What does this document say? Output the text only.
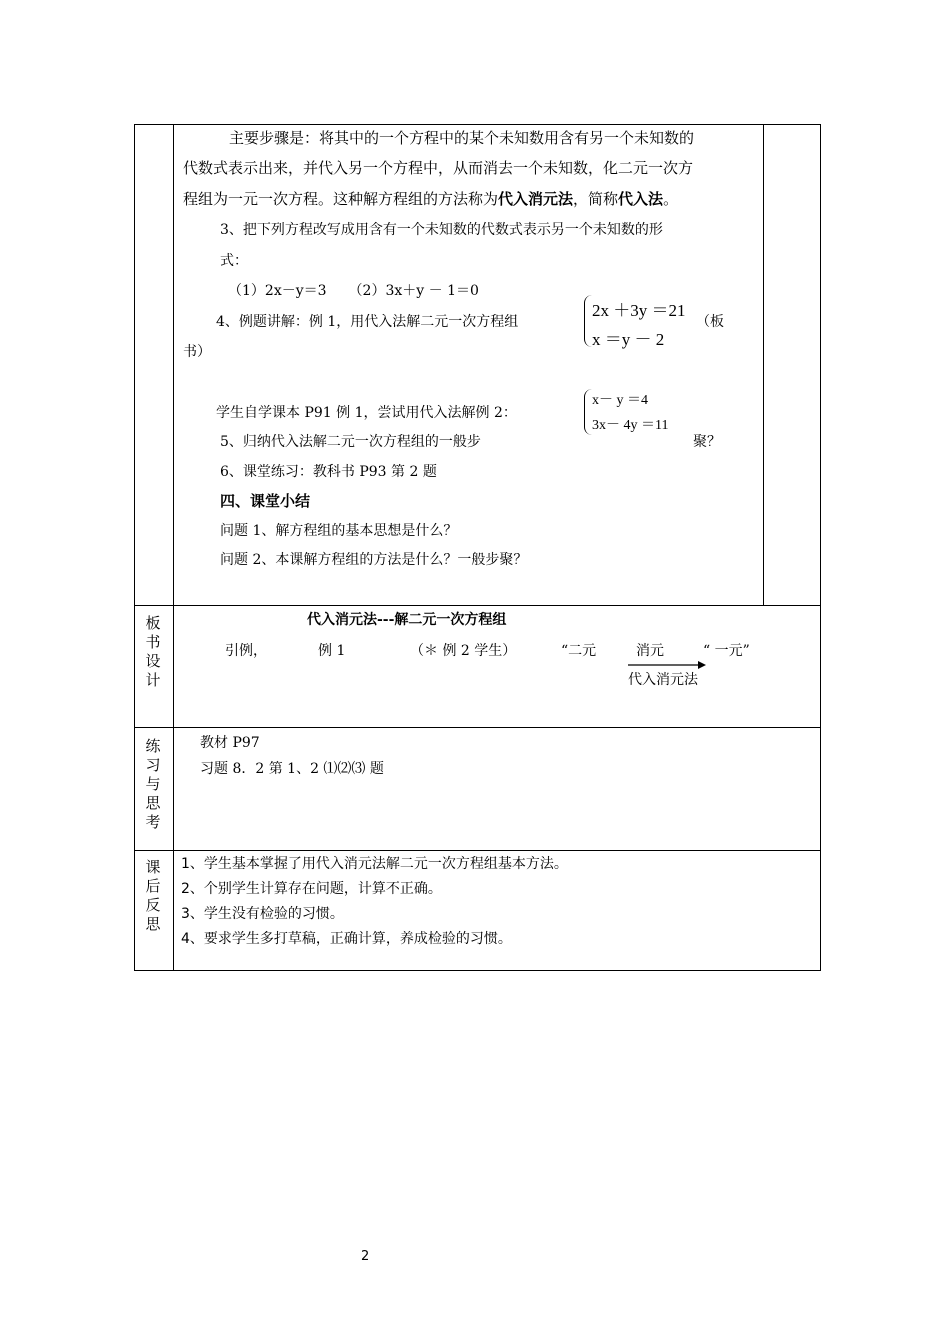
主要步骤是：将其中的一个方程中的某个未知数用含有另一个未知数的
代数式表示出来，并代入另一个方程中，从而消去一个未知数，化二元一次方
程组为一元一次方程。这种解方程组的方法称为代入消元法，简称代入法。
3、把下列方程改写成用含有一个未知数的代数式表示另一个未知数的形
式：
（1）2x－y＝3 （2）3x＋y － 1＝0
4、例题讲解：例 1，用代入法解二元一次方程组
2x ＋3y ＝21
x ＝y － 2
（板
书）
学生自学课本 P91 例 1，尝试用代入法解例 2：
x－ y ＝4
3x－ 4y ＝11
5、归纳代入法解二元一次方程组的一般步	聚？
6、课堂练习：教科书 P93 第 2 题
四、课堂小结
问题 1、解方程组的基本思想是什么？
问题 2、本课解方程组的方法是什么？一般步聚？
板书设计
代入消元法---解二元一次方程组
引例，	例 1	（＊ 例 2 学生）	“二元	消元	“ 一元”
代入消元法
练习与思考
教材 P97
习题 8．2 第 1、2 ⑴⑵⑶ 题
课后反思
1、学生基本掌握了用代入消元法解二元一次方程组基本方法。
2、个别学生计算存在问题，计算不正确。
3、学生没有检验的习惯。
4、要求学生多打草稿，正确计算，养成检验的习惯。
2
